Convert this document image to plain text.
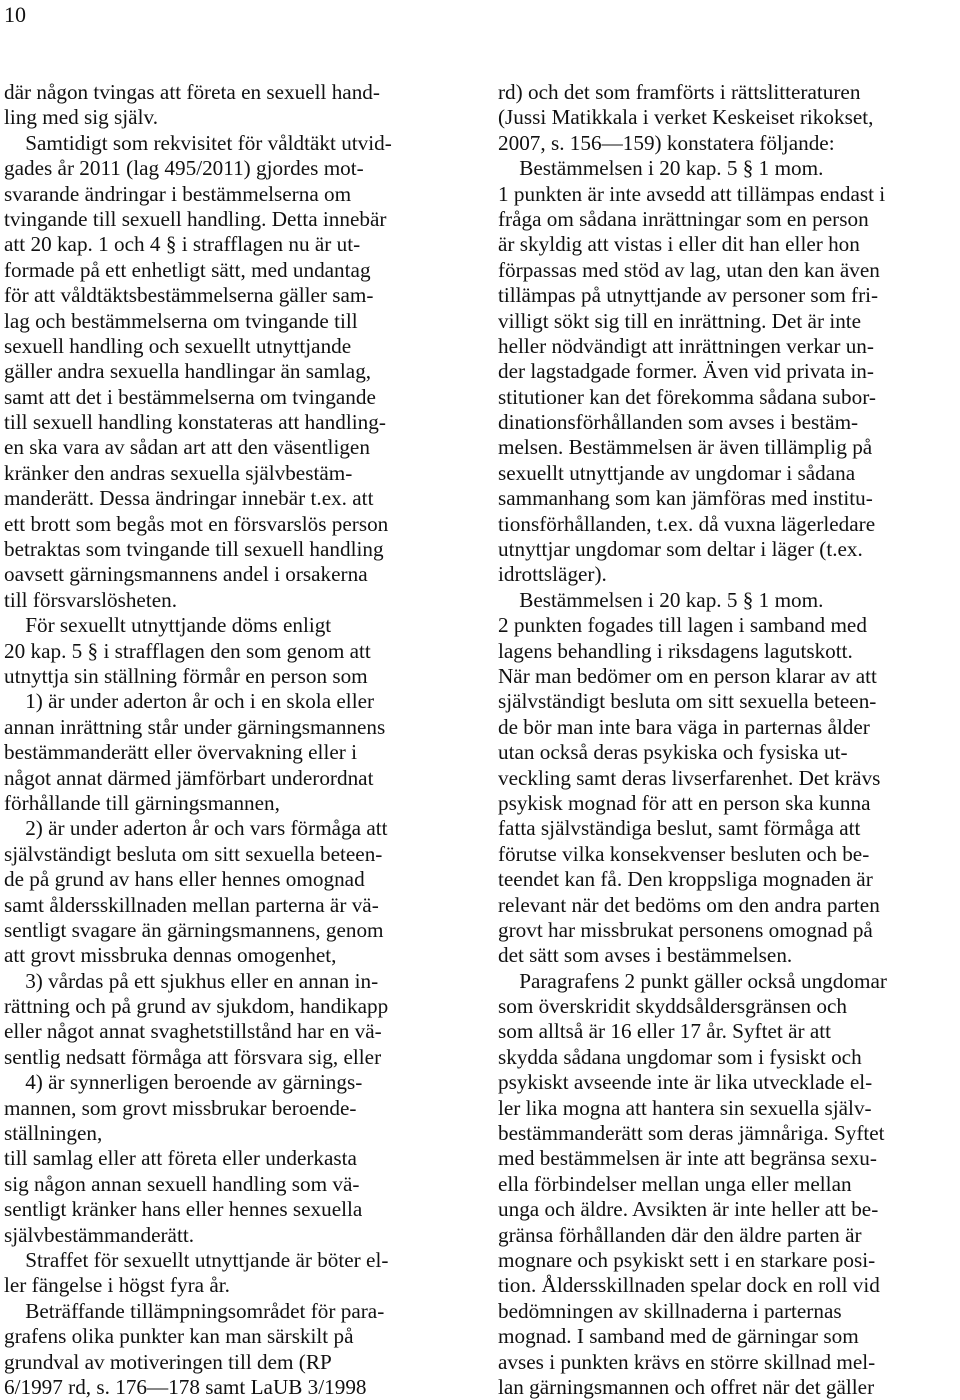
10
där någon tvingas att företa en sexuell hand-
ling med sig själv.
Samtidigt som rekvisitet för våldtäkt utvid-
gades år 2011 (lag 495/2011) gjordes mot-
svarande ändringar i bestämmelserna om
tvingande till sexuell handling. Detta innebär
att 20 kap. 1 och 4 § i strafflagen nu är ut-
formade på ett enhetligt sätt, med undantag
för att våldtäktsbestämmelserna gäller sam-
lag och bestämmelserna om tvingande till
sexuell handling och sexuellt utnyttjande
gäller andra sexuella handlingar än samlag,
samt att det i bestämmelserna om tvingande
till sexuell handling konstateras att handling-
en ska vara av sådan art att den väsentligen
kränker den andras sexuella självbestäm-
manderätt. Dessa ändringar innebär t.ex. att
ett brott som begås mot en försvarslös person
betraktas som tvingande till sexuell handling
oavsett gärningsmannens andel i orsakerna
till försvarslösheten.
För sexuellt utnyttjande döms enligt
20 kap. 5 § i strafflagen den som genom att
utnyttja sin ställning förmår en person som
1) är under aderton år och i en skola eller
annan inrättning står under gärningsmannens
bestämmanderätt eller övervakning eller i
något annat därmed jämförbart underordnat
förhållande till gärningsmannen,
2) är under aderton år och vars förmåga att
självständigt besluta om sitt sexuella beteen-
de på grund av hans eller hennes omognad
samt åldersskillnaden mellan parterna är vä-
sentligt svagare än gärningsmannens, genom
att grovt missbruka dennas omogenhet,
3) vårdas på ett sjukhus eller en annan in-
rättning och på grund av sjukdom, handikapp
eller något annat svaghetstillstånd har en vä-
sentlig nedsatt förmåga att försvara sig, eller
4) är synnerligen beroende av gärnings-
mannen, som grovt missbrukar beroende-
ställningen,
till samlag eller att företa eller underkasta
sig någon annan sexuell handling som vä-
sentligt kränker hans eller hennes sexuella
självbestämmanderätt.
Straffet för sexuellt utnyttjande är böter el-
ler fängelse i högst fyra år.
Beträffande tillämpningsområdet för para-
grafens olika punkter kan man särskilt på
grundval av motiveringen till dem (RP
6/1997 rd, s. 176—178 samt LaUB 3/1998
rd) och det som framförts i rättslitteraturen
(Jussi Matikkala i verket Keskeiset rikokset,
2007, s. 156—159) konstatera följande:
Bestämmelsen i 20 kap. 5 § 1 mom.
1 punkten är inte avsedd att tillämpas endast i
fråga om sådana inrättningar som en person
är skyldig att vistas i eller dit han eller hon
förpassas med stöd av lag, utan den kan även
tillämpas på utnyttjande av personer som fri-
villigt sökt sig till en inrättning. Det är inte
heller nödvändigt att inrättningen verkar un-
der lagstadgade former. Även vid privata in-
stitutioner kan det förekomma sådana subor-
dinationsförhållanden som avses i bestäm-
melsen. Bestämmelsen är även tillämplig på
sexuellt utnyttjande av ungdomar i sådana
sammanhang som kan jämföras med institu-
tionsförhållanden, t.ex. då vuxna lägerledare
utnyttjar ungdomar som deltar i läger (t.ex.
idrottsläger).
Bestämmelsen i 20 kap. 5 § 1 mom.
2 punkten fogades till lagen i samband med
lagens behandling i riksdagens lagutskott.
När man bedömer om en person klarar av att
självständigt besluta om sitt sexuella beteen-
de bör man inte bara väga in parternas ålder
utan också deras psykiska och fysiska ut-
veckling samt deras livserfarenhet. Det krävs
psykisk mognad för att en person ska kunna
fatta självständiga beslut, samt förmåga att
förutse vilka konsekvenser besluten och be-
teendet kan få. Den kroppsliga mognaden är
relevant när det bedöms om den andra parten
grovt har missbrukat personens omognad på
det sätt som avses i bestämmelsen.
Paragrafens 2 punkt gäller också ungdomar
som överskridit skyddsåldersgränsen och
som alltså är 16 eller 17 år. Syftet är att
skydda sådana ungdomar som i fysiskt och
psykiskt avseende inte är lika utvecklade el-
ler lika mogna att hantera sin sexuella själv-
bestämmanderätt som deras jämnåriga. Syftet
med bestämmelsen är inte att begränsa sexu-
ella förbindelser mellan unga eller mellan
unga och äldre. Avsikten är inte heller att be-
gränsa förhållanden där den äldre parten är
mognare och psykiskt sett i en starkare posi-
tion. Åldersskillnaden spelar dock en roll vid
bedömningen av skillnaderna i parternas
mognad. I samband med de gärningar som
avses i punkten krävs en större skillnad mel-
lan gärningsmannen och offret när det gäller
